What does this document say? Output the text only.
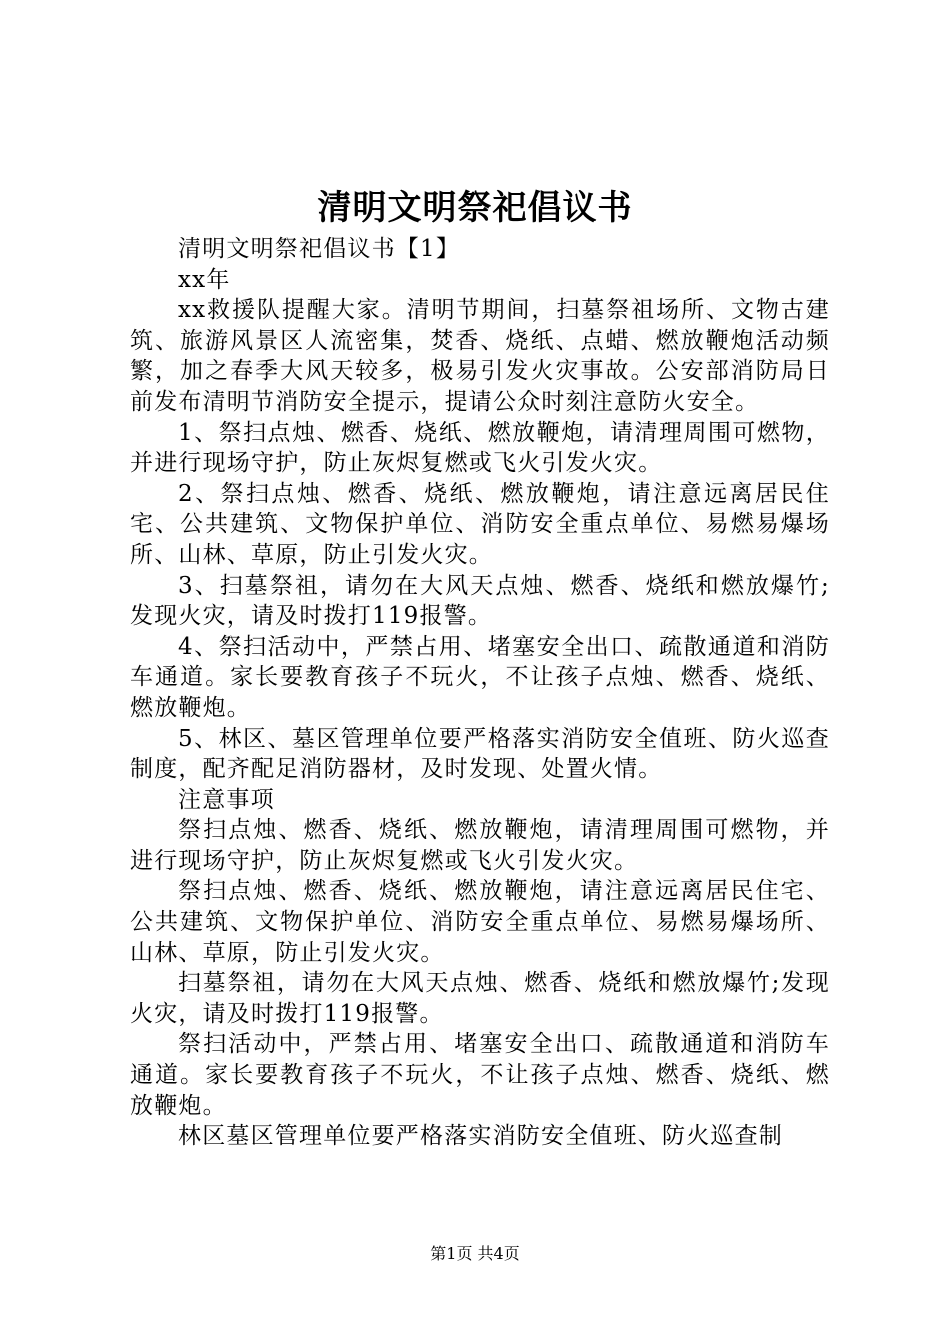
清明文明祭祀倡议书

清明文明祭祀倡议书【1】

xx年

xx救援队提醒大家。清明节期间，扫墓祭祖场所、文物古建筑、旅游风景区人流密集，焚香、烧纸、点蜡、燃放鞭炮活动频繁，加之春季大风天较多，极易引发火灾事故。公安部消防局日前发布清明节消防安全提示，提请公众时刻注意防火安全。

1、祭扫点烛、燃香、烧纸、燃放鞭炮，请清理周围可燃物，并进行现场守护，防止灰烬复燃或飞火引发火灾。

2、祭扫点烛、燃香、烧纸、燃放鞭炮，请注意远离居民住宅、公共建筑、文物保护单位、消防安全重点单位、易燃易爆场所、山林、草原，防止引发火灾。

3、扫墓祭祖，请勿在大风天点烛、燃香、烧纸和燃放爆竹;发现火灾，请及时拨打119报警。

4、祭扫活动中，严禁占用、堵塞安全出口、疏散通道和消防车通道。家长要教育孩子不玩火，不让孩子点烛、燃香、烧纸、燃放鞭炮。

5、林区、墓区管理单位要严格落实消防安全值班、防火巡查制度，配齐配足消防器材，及时发现、处置火情。

注意事项

祭扫点烛、燃香、烧纸、燃放鞭炮，请清理周围可燃物，并进行现场守护，防止灰烬复燃或飞火引发火灾。

祭扫点烛、燃香、烧纸、燃放鞭炮，请注意远离居民住宅、公共建筑、文物保护单位、消防安全重点单位、易燃易爆场所、山林、草原，防止引发火灾。

扫墓祭祖，请勿在大风天点烛、燃香、烧纸和燃放爆竹;发现火灾，请及时拨打119报警。

祭扫活动中，严禁占用、堵塞安全出口、疏散通道和消防车通道。家长要教育孩子不玩火，不让孩子点烛、燃香、烧纸、燃放鞭炮。

林区墓区管理单位要严格落实消防安全值班、防火巡查制

第1页 共4页
